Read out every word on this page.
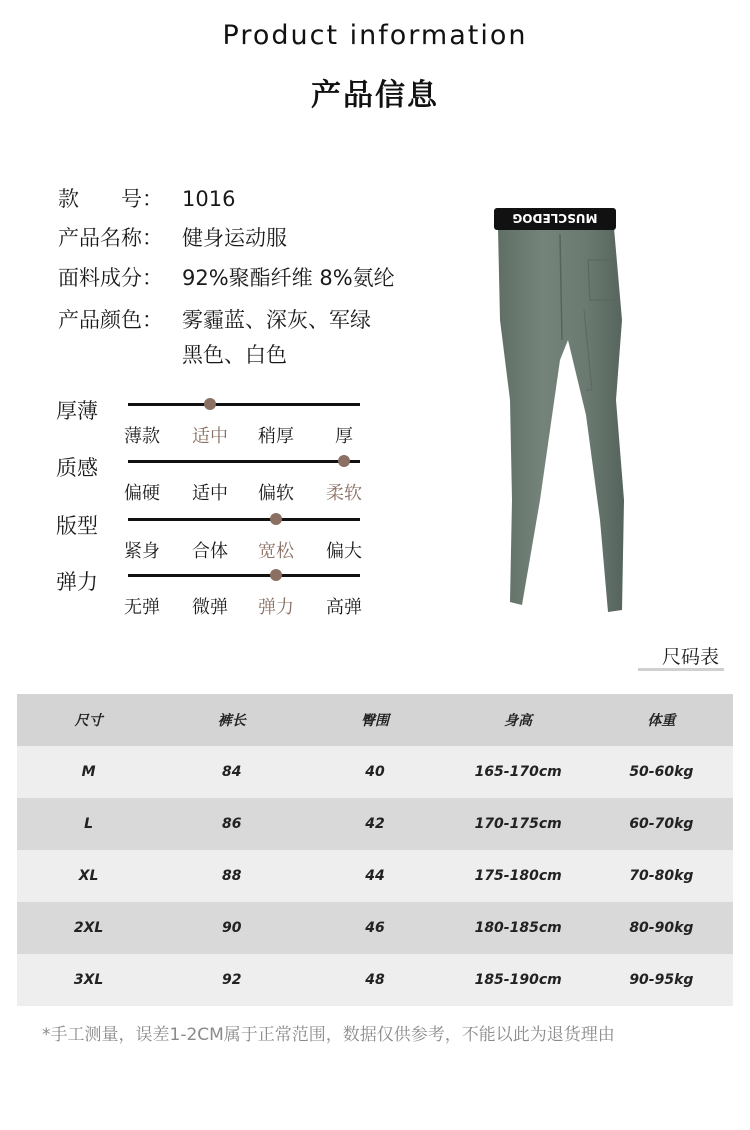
Product information
产品信息
款　　号： 1016
产品名称： 健身运动服
面料成分： 92%聚酯纤维 8%氨纶
产品颜色： 雾霾蓝、深灰、军绿
黑色、白色
厚薄
薄款	适中	稍厚	厚
质感
偏硬	适中	偏软	柔软
版型
紧身	合体	宽松	偏大
弹力
无弹	微弹	弹力	高弹
MUSCLEDOG
尺码表
尺寸	裤长	臀围	身高	体重
M	84	40	165-170cm	50-60kg
L	86	42	170-175cm	60-70kg
XL	88	44	175-180cm	70-80kg
2XL	90	46	180-185cm	80-90kg
3XL	92	48	185-190cm	90-95kg
*手工测量，误差1-2CM属于正常范围，数据仅供参考，不能以此为退货理由
